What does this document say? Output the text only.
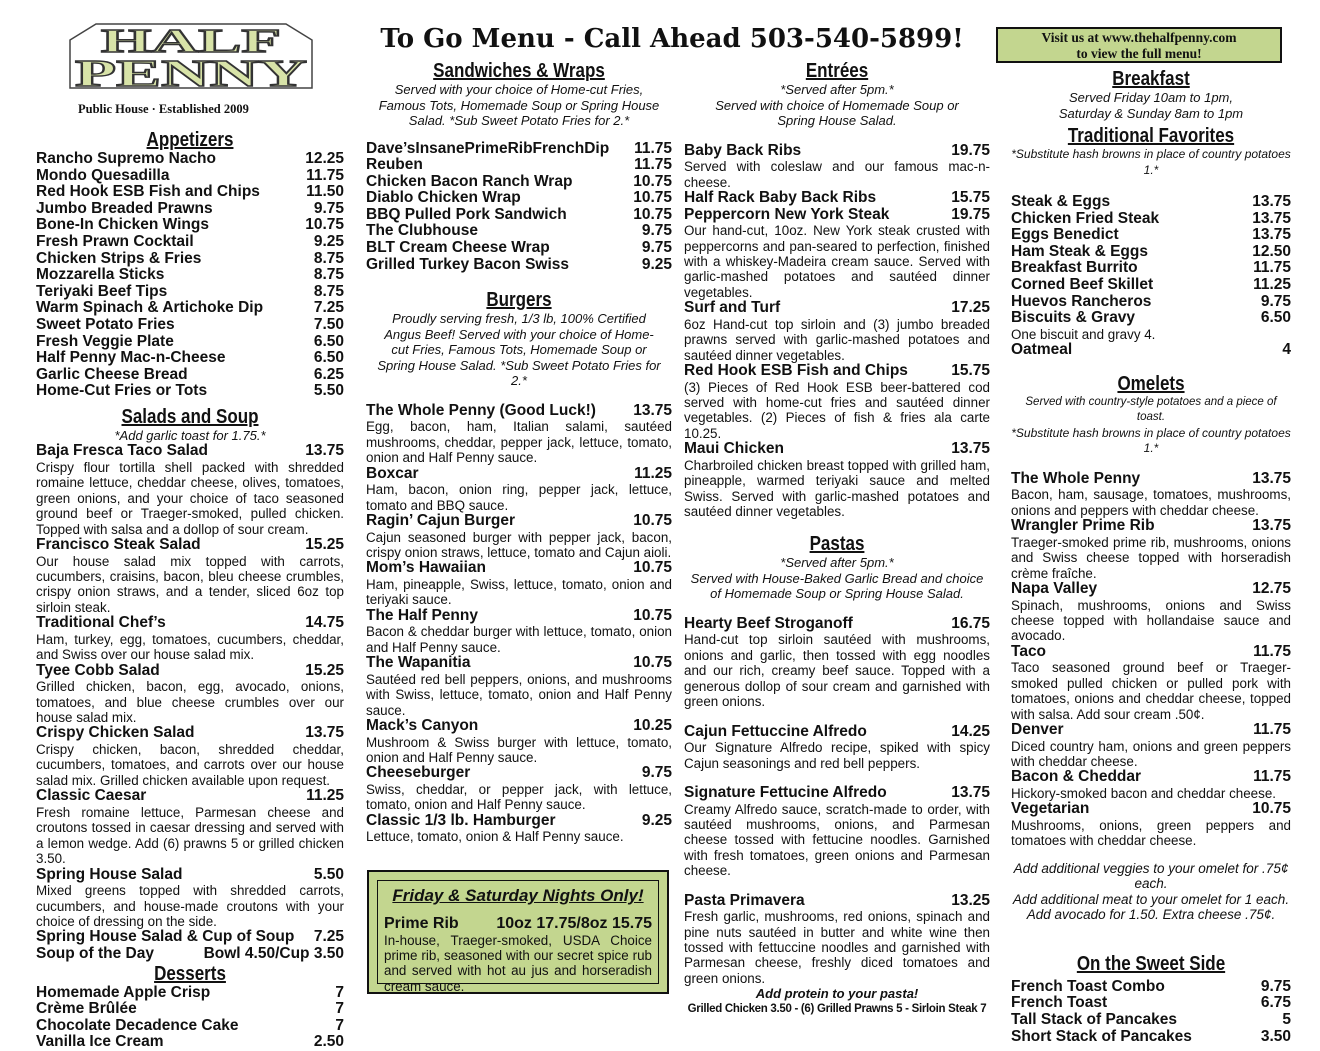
HALF
PENNY
Public House · Established 2009
To Go Menu - Call Ahead 503-540-5899!	Visit us at www.thehalfpenny.com
to view the full menu!
Appetizers
Rancho Supremo Nacho	12.25
Mondo Quesadilla	11.75
Red Hook ESB Fish and Chips	11.50
Jumbo Breaded Prawns	9.75
Bone-In Chicken Wings	10.75
Fresh Prawn Cocktail	9.25
Chicken Strips & Fries	8.75
Mozzarella Sticks	8.75
Teriyaki Beef Tips	8.75
Warm Spinach & Artichoke Dip	7.25
Sweet Potato Fries	7.50
Fresh Veggie Plate	6.50
Half Penny Mac-n-Cheese	6.50
Garlic Cheese Bread	6.25
Home-Cut Fries or Tots	5.50
Salads and Soup
*Add garlic toast for 1.75.*
Baja Fresca Taco Salad	13.75
Crispy flour tortilla shell packed with shredded romaine lettuce, cheddar cheese, olives, tomatoes, green onions, and your choice of taco seasoned ground beef or Traeger-smoked, pulled chicken. Topped with salsa and a dollop of sour cream.
Francisco Steak Salad	15.25
Our house salad mix topped with carrots, cucumbers, craisins, bacon, bleu cheese crumbles, crispy onion straws, and a tender, sliced 6oz top sirloin steak.
Traditional Chef’s	14.75
Ham, turkey, egg, tomatoes, cucumbers, cheddar, and Swiss over our house salad mix.
Tyee Cobb Salad	15.25
Grilled chicken, bacon, egg, avocado, onions, tomatoes, and blue cheese crumbles over our house salad mix.
Crispy Chicken Salad	13.75
Crispy chicken, bacon, shredded cheddar, cucumbers, tomatoes, and carrots over our house salad mix. Grilled chicken available upon request.
Classic Caesar	11.25
Fresh romaine lettuce, Parmesan cheese and croutons tossed in caesar dressing and served with a lemon wedge. Add (6) prawns 5 or grilled chicken 3.50.
Spring House Salad	5.50
Mixed greens topped with shredded carrots, cucumbers, and house-made croutons with your choice of dressing on the side.
Spring House Salad & Cup of Soup	7.25
Soup of the Day	Bowl 4.50/Cup 3.50
Desserts
Homemade Apple Crisp	7
Crème Brûlée	7
Chocolate Decadence Cake	7
Vanilla Ice Cream	2.50
Sandwiches & Wraps
Served with your choice of Home-cut Fries, Famous Tots, Homemade Soup or Spring House Salad. *Sub Sweet Potato Fries for 2.*
Dave’sInsanePrimeRibFrenchDip	11.75
Reuben	11.75
Chicken Bacon Ranch Wrap	10.75
Diablo Chicken Wrap	10.75
BBQ Pulled Pork Sandwich	10.75
The Clubhouse	9.75
BLT Cream Cheese Wrap	9.75
Grilled Turkey Bacon Swiss	9.25
Burgers
Proudly serving fresh, 1/3 lb, 100% Certified Angus Beef! Served with your choice of Home-cut Fries, Famous Tots, Homemade Soup or Spring House Salad. *Sub Sweet Potato Fries for 2.*
The Whole Penny (Good Luck!)	13.75
Egg, bacon, ham, Italian salami, sautéed mushrooms, cheddar, pepper jack, lettuce, tomato, onion and Half Penny sauce.
Boxcar	11.25
Ham, bacon, onion ring, pepper jack, lettuce, tomato and BBQ sauce.
Ragin’ Cajun Burger	10.75
Cajun seasoned burger with pepper jack, bacon, crispy onion straws, lettuce, tomato and Cajun aioli.
Mom’s Hawaiian	10.75
Ham, pineapple, Swiss, lettuce, tomato, onion and teriyaki sauce.
The Half Penny	10.75
Bacon & cheddar burger with lettuce, tomato, onion and Half Penny sauce.
The Wapanitia	10.75
Sautéed red bell peppers, onions, and mushrooms with Swiss, lettuce, tomato, onion and Half Penny sauce.
Mack’s Canyon	10.25
Mushroom & Swiss burger with lettuce, tomato, onion and Half Penny sauce.
Cheeseburger	9.75
Swiss, cheddar, or pepper jack, with lettuce, tomato, onion and Half Penny sauce.
Classic 1/3 lb. Hamburger	9.25
Lettuce, tomato, onion & Half Penny sauce.
Friday & Saturday Nights Only!
Prime Rib	10oz 17.75/8oz 15.75
In-house, Traeger-smoked, USDA Choice prime rib, seasoned with our secret spice rub and served with hot au jus and horseradish cream sauce.
Entrées
*Served after 5pm.*
Served with choice of Homemade Soup or Spring House Salad.
Baby Back Ribs	19.75
Served with coleslaw and our famous mac-n-cheese.
Half Rack Baby Back Ribs	15.75
Peppercorn New York Steak	19.75
Our hand-cut, 10oz. New York steak crusted with peppercorns and pan-seared to perfection, finished with a whiskey-Madeira cream sauce. Served with garlic-mashed potatoes and sautéed dinner vegetables.
Surf and Turf	17.25
6oz Hand-cut top sirloin and (3) jumbo breaded prawns served with garlic-mashed potatoes and sautéed dinner vegetables.
Red Hook ESB Fish and Chips	15.75
(3) Pieces of Red Hook ESB beer-battered cod served with home-cut fries and sautéed dinner vegetables. (2) Pieces of fish & fries ala carte 10.25.
Maui Chicken	13.75
Charbroiled chicken breast topped with grilled ham, pineapple, warmed teriyaki sauce and melted Swiss. Served with garlic-mashed potatoes and sautéed dinner vegetables.
Pastas
*Served after 5pm.*
Served with House-Baked Garlic Bread and choice of Homemade Soup or Spring House Salad.
Hearty Beef Stroganoff	16.75
Hand-cut top sirloin sautéed with mushrooms, onions and garlic, then tossed with egg noodles and our rich, creamy beef sauce. Topped with a generous dollop of sour cream and garnished with green onions.
Cajun Fettuccine Alfredo	14.25
Our Signature Alfredo recipe, spiked with spicy Cajun seasonings and red bell peppers.
Signature Fettucine Alfredo	13.75
Creamy Alfredo sauce, scratch-made to order, with sautéed mushrooms, onions, and Parmesan cheese tossed with fettucine noodles. Garnished with fresh tomatoes, green onions and Parmesan cheese.
Pasta Primavera	13.25
Fresh garlic, mushrooms, red onions, spinach and pine nuts sautéed in butter and white wine then tossed with fettuccine noodles and garnished with Parmesan cheese, freshly diced tomatoes and green onions.
Add protein to your pasta!
Grilled Chicken 3.50 - (6) Grilled Prawns 5 - Sirloin Steak 7
Breakfast
Served Friday 10am to 1pm,
Saturday & Sunday 8am to 1pm
Traditional Favorites
*Substitute hash browns in place of country potatoes 1.*
Steak & Eggs	13.75
Chicken Fried Steak	13.75
Eggs Benedict	13.75
Ham Steak & Eggs	12.50
Breakfast Burrito	11.75
Corned Beef Skillet	11.25
Huevos Rancheros	9.75
Biscuits & Gravy	6.50
One biscuit and gravy 4.
Oatmeal	4
Omelets
Served with country-style potatoes and a piece of toast.
*Substitute hash browns in place of country potatoes 1.*
The Whole Penny	13.75
Bacon, ham, sausage, tomatoes, mushrooms, onions and peppers with cheddar cheese.
Wrangler Prime Rib	13.75
Traeger-smoked prime rib, mushrooms, onions and Swiss cheese topped with horseradish crème fraîche.
Napa Valley	12.75
Spinach, mushrooms, onions and Swiss cheese topped with hollandaise sauce and avocado.
Taco	11.75
Taco seasoned ground beef or Traeger-smoked pulled chicken or pulled pork with tomatoes, onions and cheddar cheese, topped with salsa. Add sour cream .50¢.
Denver	11.75
Diced country ham, onions and green peppers with cheddar cheese.
Bacon & Cheddar	11.75
Hickory-smoked bacon and cheddar cheese.
Vegetarian	10.75
Mushrooms, onions, green peppers and tomatoes with cheddar cheese.
Add additional veggies to your omelet for .75¢ each.
Add additional meat to your omelet for 1 each.
Add avocado for 1.50. Extra cheese .75¢.
On the Sweet Side
French Toast Combo	9.75
French Toast	6.75
Tall Stack of Pancakes	5
Short Stack of Pancakes	3.50
